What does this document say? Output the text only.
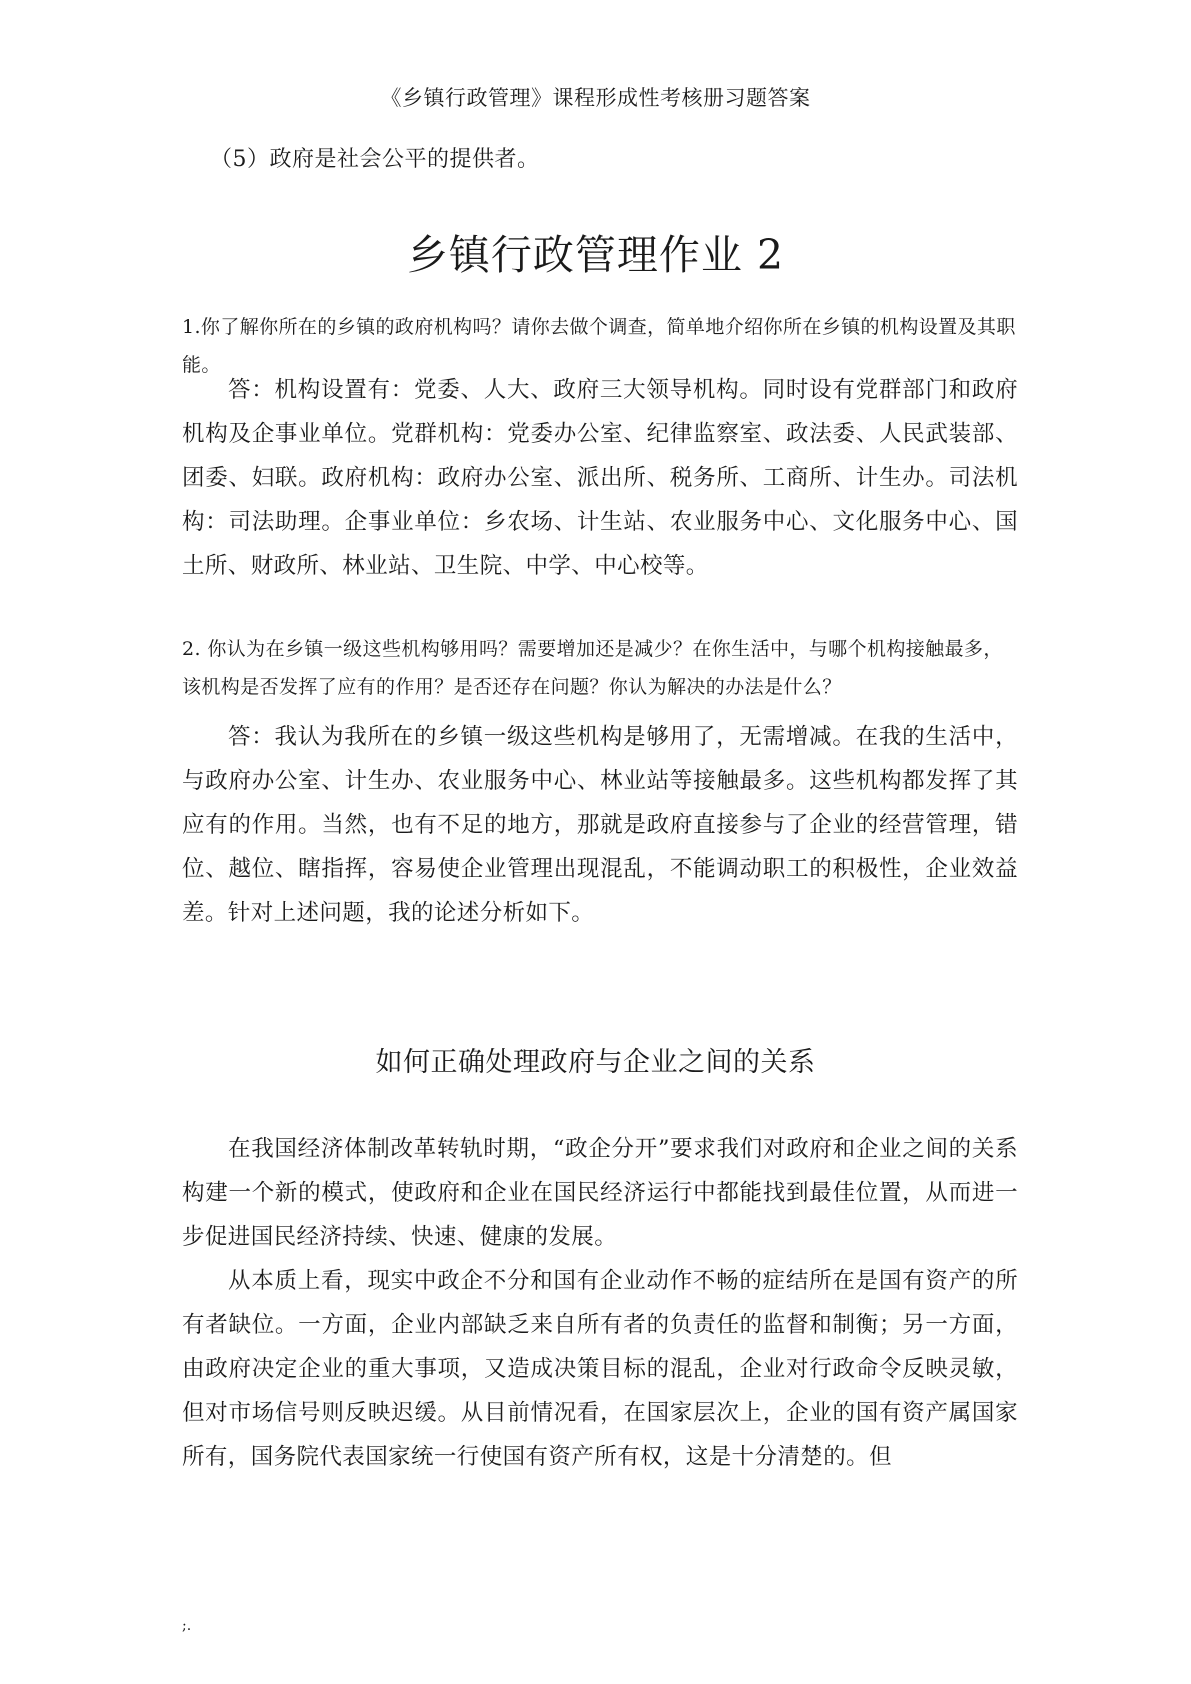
《乡镇行政管理》课程形成性考核册习题答案
（5）政府是社会公平的提供者。
乡镇行政管理作业 2

1.你了解你所在的乡镇的政府机构吗？请你去做个调查，简单地介绍你所在乡镇的机构设置及其职能。

答：机构设置有：党委、人大、政府三大领导机构。同时设有党群部门和政府机构及企事业单位。党群机构：党委办公室、纪律监察室、政法委、人民武装部、团委、妇联。政府机构：政府办公室、派出所、税务所、工商所、计生办。司法机构：司法助理。企事业单位：乡农场、计生站、农业服务中心、文化服务中心、国土所、财政所、林业站、卫生院、中学、中心校等。

2. 你认为在乡镇一级这些机构够用吗？需要增加还是减少？在你生活中，与哪个机构接触最多，该机构是否发挥了应有的作用？是否还存在问题？你认为解决的办法是什么？

答：我认为我所在的乡镇一级这些机构是够用了，无需增减。在我的生活中，与政府办公室、计生办、农业服务中心、林业站等接触最多。这些机构都发挥了其应有的作用。当然，也有不足的地方，那就是政府直接参与了企业的经营管理，错位、越位、瞎指挥，容易使企业管理出现混乱，不能调动职工的积极性，企业效益差。针对上述问题，我的论述分析如下。

如何正确处理政府与企业之间的关系

在我国经济体制改革转轨时期，“政企分开”要求我们对政府和企业之间的关系构建一个新的模式，使政府和企业在国民经济运行中都能找到最佳位置，从而进一步促进国民经济持续、快速、健康的发展。

从本质上看，现实中政企不分和国有企业动作不畅的症结所在是国有资产的所有者缺位。一方面，企业内部缺乏来自所有者的负责任的监督和制衡；另一方面，由政府决定企业的重大事项，又造成决策目标的混乱，企业对行政命令反映灵敏，但对市场信号则反映迟缓。从目前情况看，在国家层次上，企业的国有资产属国家所有，国务院代表国家统一行使国有资产所有权，这是十分清楚的。但

;.
